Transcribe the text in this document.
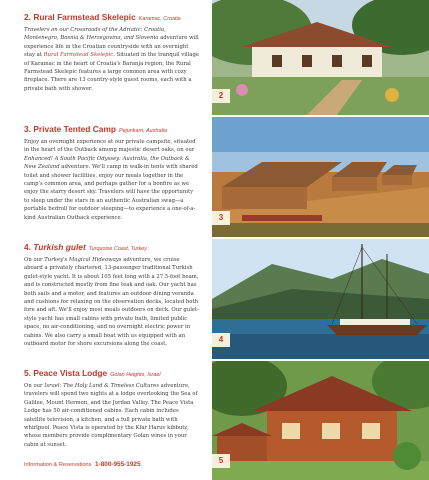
2. Rural Farmstead Skelepic Karamac, Croatia

Travelers on our Crossroads of the Adriatic: Croatia, Montenegro, Bosnia & Herzegovina, and Slovenia adventure will experience life in the Croatian countryside with an overnight stay at Rural Farmstead Skelepic. Situated in the tranquil village of Karamac in the heart of Croatia's Baranja region, the Rural Farmstead Skelepic features a large common area with cozy fireplace. There are 13 country-style guest rooms, each with a private bath with shower.

3. Private Tented Camp Pejunkarn, Australia

Enjoy an overnight experience at our private campsite, situated in the heart of the Outback among majestic desert oaks, on our Enhanced! A South Pacific Odyssey: Australia, the Outback & New Zealand adventure. We'll camp in walk-in tents with shared toilet and shower facilities, enjoy our meals together in the camp's common area, and perhaps gather for a bonfire as we enjoy the starry desert sky. Travelers will have the opportunity to sleep under the stars in an authentic Australian swag—a portable bedroll for outdoor sleeping—to experience a one-of-a-kind Australian Outback experience.

4. Turkish gulet Turquoise Coast, Turkey

On our Turkey's Magical Hideaways adventure, we cruise aboard a privately chartered, 13-passenger traditional Turkish gulet-style yacht. It is about 105 feet long with a 27.5-foot beam, and is constructed mostly from fine teak and oak. Our yacht has both sails and a motor, and features an outdoor dining veranda and cushions for relaxing on the observation decks, located both fore and aft. We'll enjoy most meals outdoors on deck. Our gulet-style yacht has small cabins with private bath, limited public space, no air-conditioning, and no overnight electric power in cabins. We also carry a small boat with us equipped with an outboard motor for shore excursions along the coast.

5. Peace Vista Lodge Golan Heights, Israel

On our Israel: The Holy Land & Timeless Cultures adventure, travelers will spend two nights at a lodge overlooking the Sea of Galilee, Mount Hermon, and the Jordan Valley. The Peace Vista Lodge has 50 air-conditioned cabins. Each cabin includes satellite television, a kitchen, and a full private bath with whirlpool. Peace Vista is operated by the Kfar Haruv kibbutz, whose members provide complimentary Golan wines in your cabin at sunset.

Information & Reservations 1-800-955-1925
2
3
4
5
